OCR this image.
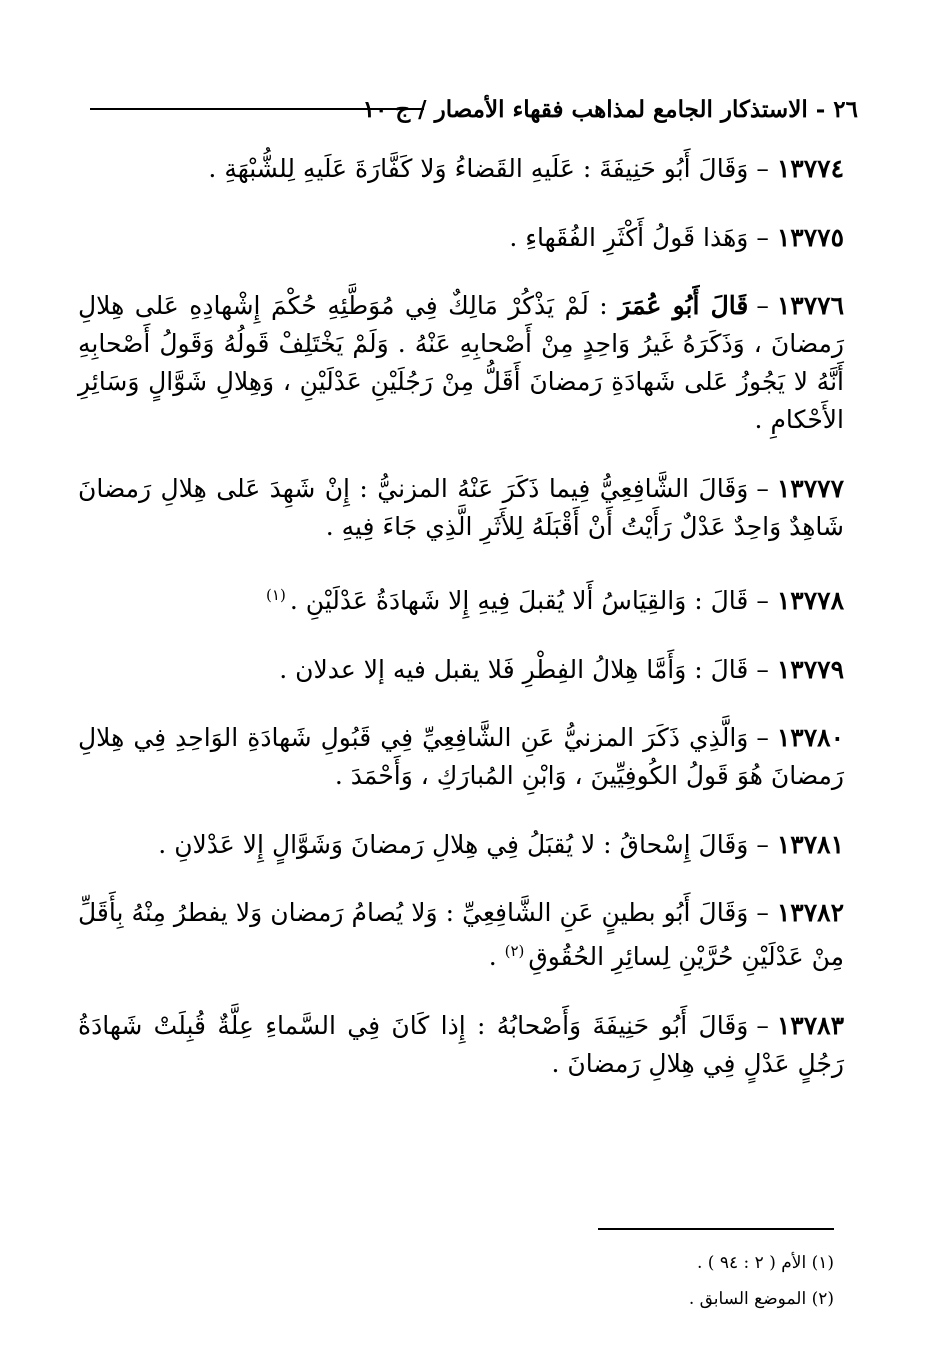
٢٦ - الاستذكار الجامع لمذاهب فقهاء الأمصار / ج ١٠

١٣٧٧٤–وَقَالَ أَبُو حَنِيفَةَ : عَلَيهِ القَضاءُ وَلا كَفَّارَةَ عَلَيهِ لِلشُّبْهَةِ .

١٣٧٧٥–وَهَذا قَولُ أَكْثَرِ الفُقَهاءِ .

١٣٧٧٦–قَالَ أَبُو عُمَرَ : لَمْ يَذْكُرْ مَالِكٌ فِي مُوَطَّئِهِ حُكْمَ إِشْهادِهِ عَلى هِلالِ رَمضانَ ، وَذَكَرَهُ غَيرُ وَاحِدٍ مِنْ أَصْحابِهِ عَنْهُ . وَلَمْ يَخْتَلِفْ قَولُهُ وَقَولُ أَصْحابِهِ أَنَّهُ لا يَجُوزُ عَلى شَهادَةِ رَمضانَ أَقَلُّ مِنْ رَجُلَيْنِ عَدْلَيْنِ ، وَهِلالِ شَوَّالٍ وَسَائِرِ الأَحْكامِ .

١٣٧٧٧–وَقَالَ الشَّافِعِيُّ فِيما ذَكَرَ عَنْهُ المزنيُّ : إِنْ شَهِدَ عَلى هِلالِ رَمضانَ شَاهِدٌ وَاحِدٌ عَدْلٌ رَأَيْتُ أَنْ أَقْبَلَهُ لِلأَثَرِ الَّذِي جَاءَ فِيهِ .

١٣٧٧٨–قَالَ : وَالقِيَاسُ أَلا يُقبلَ فِيهِ إِلا شَهادَةُ عَدْلَيْنِ .$^{(١)}$

١٣٧٧٩–قَالَ : وَأَمَّا هِلالُ الفِطْرِ فَلا يقبل فيه إلا عدلان .

١٣٧٨٠–وَالَّذِي ذَكَرَ المزنيُّ عَنِ الشَّافِعِيِّ فِي قَبُولِ شَهادَةِ الوَاحِدِ فِي هِلالِ رَمضانَ هُوَ قَولُ الكُوفِيِّينَ ، وَابْنِ المُبارَكِ ، وَأَحْمَدَ .

١٣٧٨١–وَقَالَ إِسْحاقُ : لا يُقبَلُ فِي هِلالِ رَمضانَ وَشَوَّالٍ إِلا عَدْلانِ .

١٣٧٨٢–وَقَالَ أَبُو بطينٍ عَنِ الشَّافِعِيِّ : وَلا يُصامُ رَمضان وَلا يفطرُ مِنْهُ بِأَقَلِّ مِنْ عَدْلَيْنِ حُرَّيْنِ لِسائِرِ الحُقُوقِ$^{(٢)}$ .

١٣٧٨٣–وَقَالَ أَبُو حَنِيفَةَ وَأَصْحابُهُ : إِذا كَانَ فِي السَّماءِ عِلَّةٌ قُبِلَتْ شَهادَةُ رَجُلٍ عَدْلٍ فِي هِلالِ رَمضانَ .

(١) الأم ( ٢ : ٩٤ ) .

(٢) الموضع السابق .
